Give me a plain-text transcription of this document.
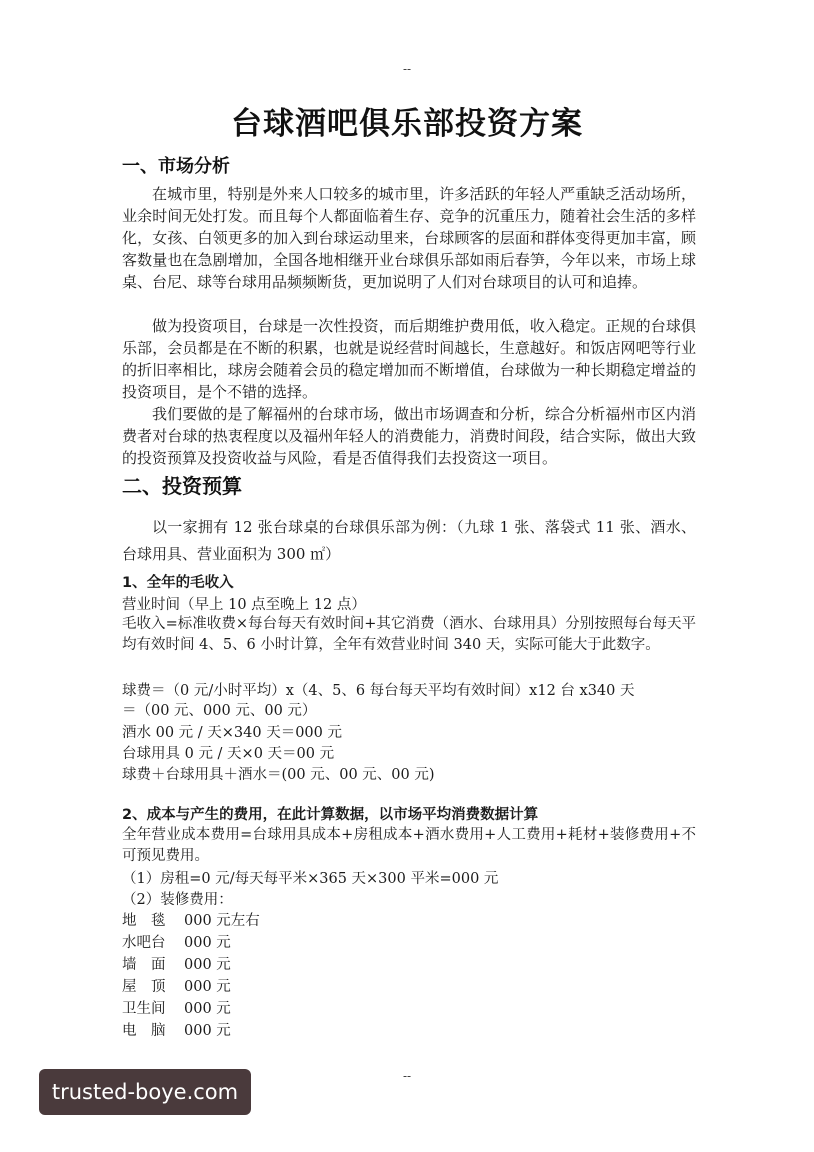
--
台球酒吧俱乐部投资方案
一、市场分析

在城市里，特别是外来人口较多的城市里，许多活跃的年轻人严重缺乏活动场所，业余时间无处打发。而且每个人都面临着生存、竞争的沉重压力，随着社会生活的多样化，女孩、白领更多的加入到台球运动里来，台球顾客的层面和群体变得更加丰富，顾客数量也在急剧增加，全国各地相继开业台球俱乐部如雨后春笋，今年以来，市场上球桌、台尼、球等台球用品频频断货，更加说明了人们对台球项目的认可和追捧。

做为投资项目，台球是一次性投资，而后期维护费用低，收入稳定。正规的台球俱乐部，会员都是在不断的积累，也就是说经营时间越长，生意越好。和饭店网吧等行业的折旧率相比，球房会随着会员的稳定增加而不断增值，台球做为一种长期稳定增益的投资项目，是个不错的选择。

我们要做的是了解福州的台球市场，做出市场调查和分析，综合分析福州市区内消费者对台球的热衷程度以及福州年轻人的消费能力，消费时间段，结合实际，做出大致的投资预算及投资收益与风险，看是否值得我们去投资这一项目。

二、投资预算

以一家拥有 12 张台球桌的台球俱乐部为例：（九球 1 张、落袋式 11 张、酒水、台球用具、营业面积为 300 ㎡）

1、全年的毛收入
营业时间（早上 10 点至晚上 12 点）

毛收入=标准收费×每台每天有效时间+其它消费（酒水、台球用具）分别按照每台每天平均有效时间 4、5、6 小时计算，全年有效营业时间 340 天，实际可能大于此数字。

球费＝（0 元/小时平均）x（4、5、6 每台每天平均有效时间）x12 台 x340 天
＝（00 元、000 元、00 元）
酒水 00 元 / 天×340 天＝000 元
台球用具 0 元 / 天×0 天＝00 元
球费＋台球用具＋酒水＝(00 元、00 元、00 元)
2、成本与产生的费用，在此计算数据，以市场平均消费数据计算

全年营业成本费用=台球用具成本+房租成本+酒水费用+人工费用+耗材+装修费用+不可预见费用。

（1）房租=0 元/每天每平米×365 天×300 平米=000 元
（2）装修费用：
地　毯 000 元左右
水吧台 000 元
墙　面 000 元
屋　顶 000 元
卫生间 000 元
电　脑 000 元
--
trusted-boye.com
